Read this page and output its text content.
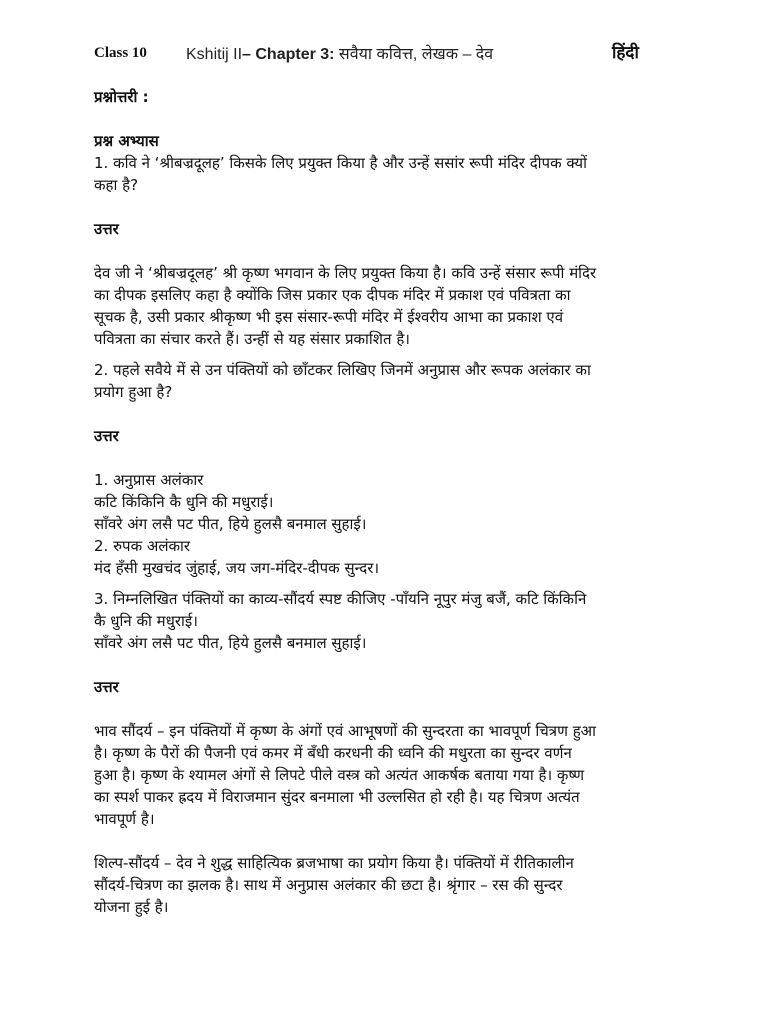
Class 10 Kshitij II– Chapter 3: सवैया कवित्त, लेखक – देव	हिंदी
प्रश्नोत्तरी :
प्रश्न अभ्यास
1. कवि ने ‘श्रीबज्रदूलह’ किसके लिए प्रयुक्त किया है और उन्हें ससांर रूपी मंदिर दीपक क्यों
कहा है?
उत्तर
देव जी ने ‘श्रीबज्रदूलह’ श्री कृष्ण भगवान के लिए प्रयुक्त किया है। कवि उन्हें संसार रूपी मंदिर
का दीपक इसलिए कहा है क्योंकि जिस प्रकार एक दीपक मंदिर में प्रकाश एवं पवित्रता का
सूचक है, उसी प्रकार श्रीकृष्ण भी इस संसार-रूपी मंदिर में ईश्वरीय आभा का प्रकाश एवं
पवित्रता का संचार करते हैं। उन्हीं से यह संसार प्रकाशित है।
2. पहले सवैये में से उन पंक्तियों को छाँटकर लिखिए जिनमें अनुप्रास और रूपक अलंकार का
प्रयोग हुआ है?
उत्तर
1. अनुप्रास अलंकार
कटि किंकिनि कै धुनि की मधुराई।
साँवरे अंग लसै पट पीत, हिये हुलसै बनमाल सुहाई।
2. रुपक अलंकार
मंद हँसी मुखचंद जुंहाई, जय जग-मंदिर-दीपक सुन्दर।
3. निम्नलिखित पंक्तियों का काव्य-सौंदर्य स्पष्ट कीजिए -पाँयनि नूपुर मंजु बजैं, कटि किंकिनि
कै धुनि की मधुराई।
साँवरे अंग लसै पट पीत, हिये हुलसै बनमाल सुहाई।
उत्तर
भाव सौंदर्य – इन पंक्तियों में कृष्ण के अंगों एवं आभूषणों की सुन्दरता का भावपूर्ण चित्रण हुआ
है। कृष्ण के पैरों की पैजनी एवं कमर में बँधी करधनी की ध्वनि की मधुरता का सुन्दर वर्णन
हुआ है। कृष्ण के श्यामल अंगों से लिपटे पीले वस्त्र को अत्यंत आकर्षक बताया गया है। कृष्ण
का स्पर्श पाकर ह्रदय में विराजमान सुंदर बनमाला भी उल्लसित हो रही है। यह चित्रण अत्यंत
भावपूर्ण है।
शिल्प-सौंदर्य – देव ने शुद्ध साहित्यिक ब्रजभाषा का प्रयोग किया है। पंक्तियों में रीतिकालीन
सौंदर्य-चित्रण का झलक है। साथ में अनुप्रास अलंकार की छटा है। श्रृंगार – रस की सुन्दर
योजना हुई है।
